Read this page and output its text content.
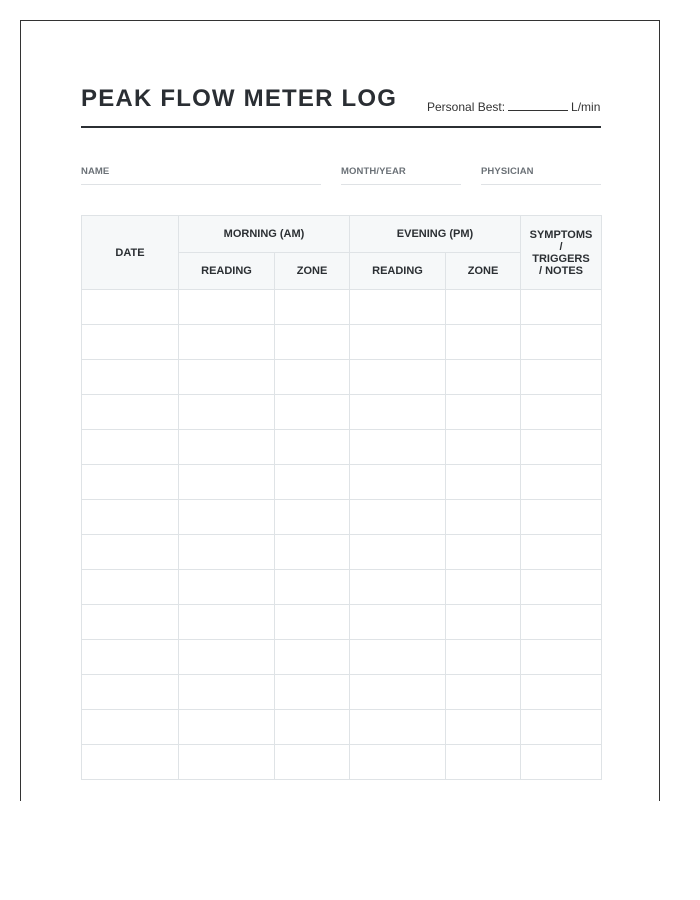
PEAK FLOW METER LOG Personal Best:	L/min
NAME	MONTH/YEAR	PHYSICIAN
DATE	MORNING (AM)		EVENING (PM)		SYMPTOMS
/
TRIGGERS
/ NOTES

	READING	ZONE	READING	ZONE	
